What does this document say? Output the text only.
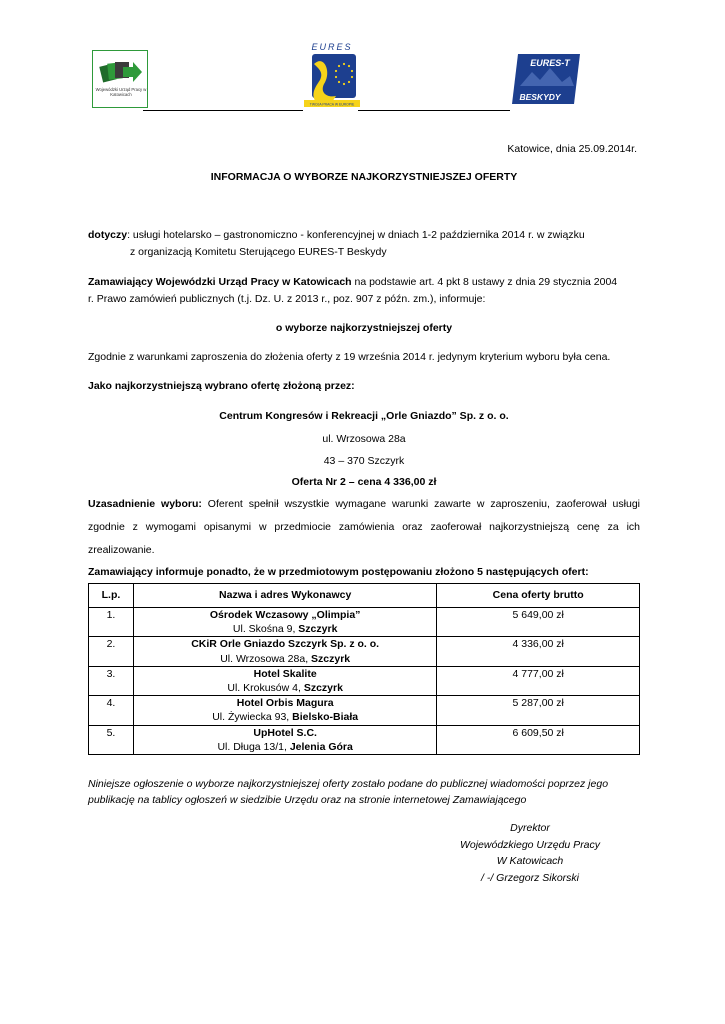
Wojewódzki Urząd Pracy w Katowicach
EURES
TWOJA PRACA W EUROPIE
EURES-T
BESKYDY
Katowice, dnia 25.09.2014r.
INFORMACJA O WYBORZE NAJKORZYSTNIEJSZEJ OFERTY
dotyczy: usługi hotelarsko – gastronomiczno - konferencyjnej w dniach 1-2 października 2014 r. w związku
z organizacją Komitetu Sterującego EURES-T Beskydy
Zamawiający Wojewódzki Urząd Pracy w Katowicach na podstawie art. 4 pkt 8 ustawy z dnia 29 stycznia 2004
r. Prawo zamówień publicznych (t.j. Dz. U. z 2013 r., poz. 907 z późn. zm.), informuje:
o wyborze najkorzystniejszej oferty
Zgodnie z warunkami zaproszenia do złożenia oferty z 19 września 2014 r. jedynym kryterium wyboru była cena.
Jako najkorzystniejszą wybrano ofertę złożoną przez:
Centrum Kongresów i Rekreacji „Orle Gniazdo” Sp. z o. o.
ul. Wrzosowa 28a
43 – 370 Szczyrk
Oferta Nr 2 – cena 4 336,00 zł
Uzasadnienie wyboru: Oferent spełnił wszystkie wymagane warunki zawarte w zaproszeniu, zaoferował usługi
zgodnie z wymogami opisanymi w przedmiocie zamówienia oraz zaoferował najkorzystniejszą cenę za ich
zrealizowanie.
Zamawiający informuje ponadto, że w przedmiotowym postępowaniu złożono 5 następujących ofert:
L.p.	Nazwa i adres Wykonawcy	Cena oferty brutto
1.	Ośrodek Wczasowy „Olimpia”
Ul. Skośna 9, Szczyrk	5 649,00 zł
2.	CKiR Orle Gniazdo Szczyrk Sp. z o. o.
Ul. Wrzosowa 28a, Szczyrk	4 336,00 zł
3.	Hotel Skalite
Ul. Krokusów 4, Szczyrk	4 777,00 zł
4.	Hotel Orbis Magura
Ul. Żywiecka 93, Bielsko-Biała	5 287,00 zł
5.	UpHotel S.C.
Ul. Długa 13/1, Jelenia Góra	6 609,50 zł
Niniejsze ogłoszenie o wyborze najkorzystniejszej oferty zostało podane do publicznej wiadomości poprzez jego
publikację na tablicy ogłoszeń w siedzibie Urzędu oraz na stronie internetowej Zamawiającego
Dyrektor
Wojewódzkiego Urzędu Pracy
W Katowicach
/ -/ Grzegorz Sikorski
